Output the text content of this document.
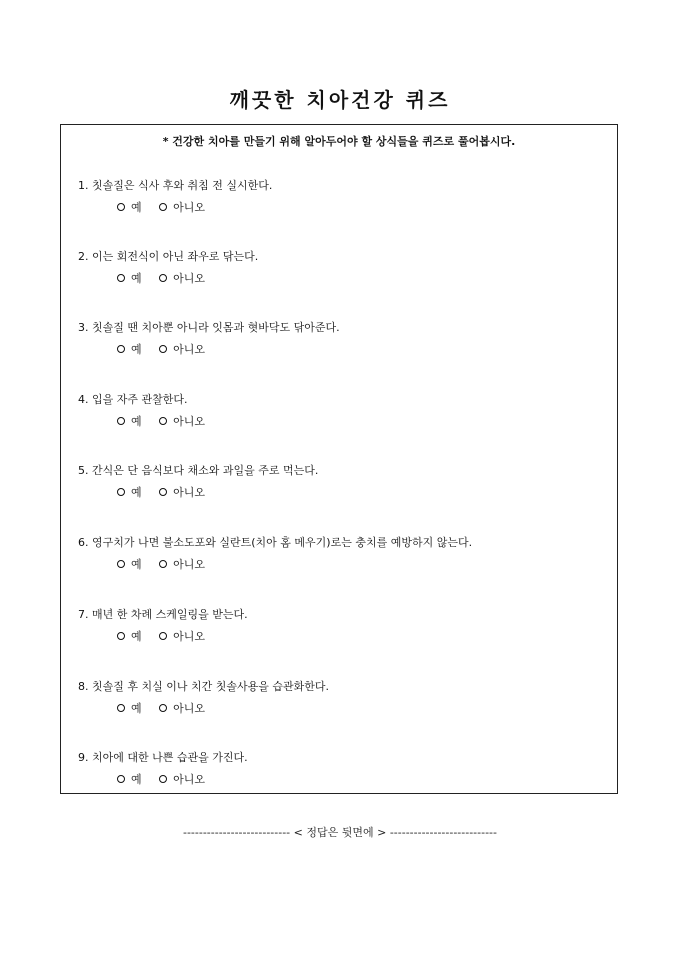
깨끗한 치아건강 퀴즈
* 건강한 치아를 만들기 위해 알아두어야 할 상식들을 퀴즈로 풀어봅시다.
1. 칫솔질은 식사 후와 취침 전 실시한다.
예	아니오
2. 이는 회전식이 아닌 좌우로 닦는다.
예	아니오
3. 칫솔질 땐 치아뿐 아니라 잇몸과 혓바닥도 닦아준다.
예	아니오
4. 입을 자주 관찰한다.
예	아니오
5. 간식은 단 음식보다 채소와 과일을 주로 먹는다.
예	아니오
6. 영구치가 나면 불소도포와 실란트(치아 홈 메우기)로는 충치를 예방하지 않는다.
예	아니오
7. 매년 한 차례 스케일링을 받는다.
예	아니오
8. 칫솔질 후 치실 이나 치간 칫솔사용을 습관화한다.
예	아니오
9. 치아에 대한 나쁜 습관을 가진다.
예	아니오
--------------------------- < 정답은 뒷면에 > ---------------------------
